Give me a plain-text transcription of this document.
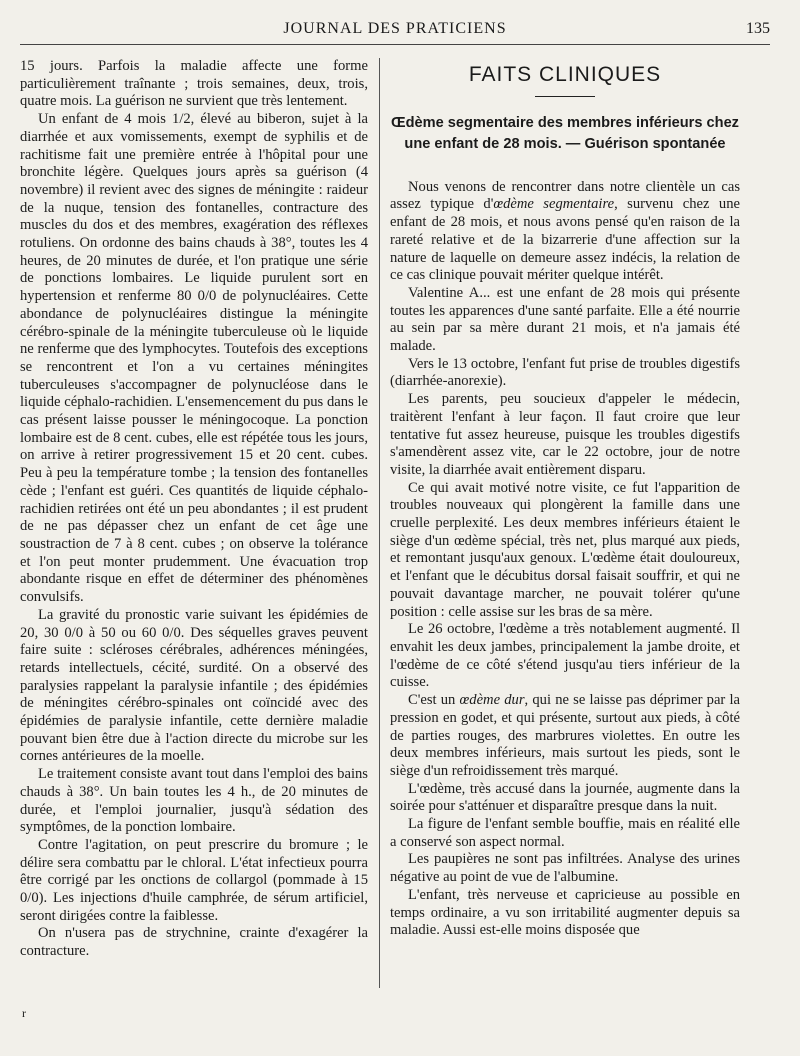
JOURNAL DES PRATICIENS	135

15 jours. Parfois la maladie affecte une forme particulièrement traînante ; trois semaines, deux, trois, quatre mois. La guérison ne survient que très lentement.

Un enfant de 4 mois 1/2, élevé au biberon, sujet à la diarrhée et aux vomissements, exempt de syphilis et de rachitisme fait une première entrée à l'hôpital pour une bronchite légère. Quelques jours après sa guérison (4 novembre) il revient avec des signes de méningite : raideur de la nuque, tension des fontanelles, contracture des muscles du dos et des membres, exagération des réflexes rotuliens. On ordonne des bains chauds à 38°, toutes les 4 heures, de 20 minutes de durée, et l'on pratique une série de ponctions lombaires. Le liquide purulent sort en hypertension et renferme 80 0/0 de polynucléaires. Cette abondance de polynucléaires distingue la méningite cérébro-spinale de la méningite tuberculeuse où le liquide ne renferme que des lymphocytes. Toutefois des exceptions se rencontrent et l'on a vu certaines méningites tuberculeuses s'accompagner de polynucléose dans le liquide céphalo-rachidien. L'ensemencement du pus dans le cas présent laisse pousser le méningocoque. La ponction lombaire est de 8 cent. cubes, elle est répétée tous les jours, on arrive à retirer progressivement 15 et 20 cent. cubes. Peu à peu la température tombe ; la tension des fontanelles cède ; l'enfant est guéri. Ces quantités de liquide céphalo-rachidien retirées ont été un peu abondantes ; il est prudent de ne pas dépasser chez un enfant de cet âge une soustraction de 7 à 8 cent. cubes ; on observe la tolérance et l'on peut monter prudemment. Une évacuation trop abondante risque en effet de déterminer des phénomènes convulsifs.

La gravité du pronostic varie suivant les épidémies de 20, 30 0/0 à 50 ou 60 0/0. Des séquelles graves peuvent faire suite : scléroses cérébrales, adhérences méningées, retards intellectuels, cécité, surdité. On a observé des paralysies rappelant la paralysie infantile ; des épidémies de méningites cérébro-spinales ont coïncidé avec des épidémies de paralysie infantile, cette dernière maladie pouvant bien être due à l'action directe du microbe sur les cornes antérieures de la moelle.

Le traitement consiste avant tout dans l'emploi des bains chauds à 38°. Un bain toutes les 4 h., de 20 minutes de durée, et l'emploi journalier, jusqu'à sédation des symptômes, de la ponction lombaire.

Contre l'agitation, on peut prescrire du bromure ; le délire sera combattu par le chloral. L'état infectieux pourra être corrigé par les onctions de collargol (pommade à 15 0/0). Les injections d'huile camphrée, de sérum artificiel, seront dirigées contre la faiblesse.

On n'usera pas de strychnine, crainte d'exagérer la contracture.

FAITS CLINIQUES
Œdème segmentaire des membres inférieurs chez une enfant de 28 mois. — Guérison spontanée

Nous venons de rencontrer dans notre clientèle un cas assez typique d'œdème segmentaire, survenu chez une enfant de 28 mois, et nous avons pensé qu'en raison de la rareté relative et de la bizarrerie d'une affection sur la nature de laquelle on demeure assez indécis, la relation de ce cas clinique pouvait mériter quelque intérêt.

Valentine A... est une enfant de 28 mois qui présente toutes les apparences d'une santé parfaite. Elle a été nourrie au sein par sa mère durant 21 mois, et n'a jamais été malade.

Vers le 13 octobre, l'enfant fut prise de troubles digestifs (diarrhée-anorexie).

Les parents, peu soucieux d'appeler le médecin, traitèrent l'enfant à leur façon. Il faut croire que leur tentative fut assez heureuse, puisque les troubles digestifs s'amendèrent assez vite, car le 22 octobre, jour de notre visite, la diarrhée avait entièrement disparu.

Ce qui avait motivé notre visite, ce fut l'apparition de troubles nouveaux qui plongèrent la famille dans une cruelle perplexité. Les deux membres inférieurs étaient le siège d'un œdème spécial, très net, plus marqué aux pieds, et remontant jusqu'aux genoux. L'œdème était douloureux, et l'enfant que le décubitus dorsal faisait souffrir, et qui ne pouvait davantage marcher, ne pouvait tolérer qu'une position : celle assise sur les bras de sa mère.

Le 26 octobre, l'œdème a très notablement augmenté. Il envahit les deux jambes, principalement la jambe droite, et l'œdème de ce côté s'étend jusqu'au tiers inférieur de la cuisse.

C'est un œdème dur, qui ne se laisse pas déprimer par la pression en godet, et qui présente, surtout aux pieds, à côté de parties rouges, des marbrures violettes. En outre les deux membres inférieurs, mais surtout les pieds, sont le siège d'un refroidissement très marqué.

L'œdème, très accusé dans la journée, augmente dans la soirée pour s'atténuer et disparaître presque dans la nuit.

La figure de l'enfant semble bouffie, mais en réalité elle a conservé son aspect normal.

Les paupières ne sont pas infiltrées. Analyse des urines négative au point de vue de l'albumine.

L'enfant, très nerveuse et capricieuse au possible en temps ordinaire, a vu son irritabilité augmenter depuis sa maladie. Aussi est-elle moins disposée que

r
